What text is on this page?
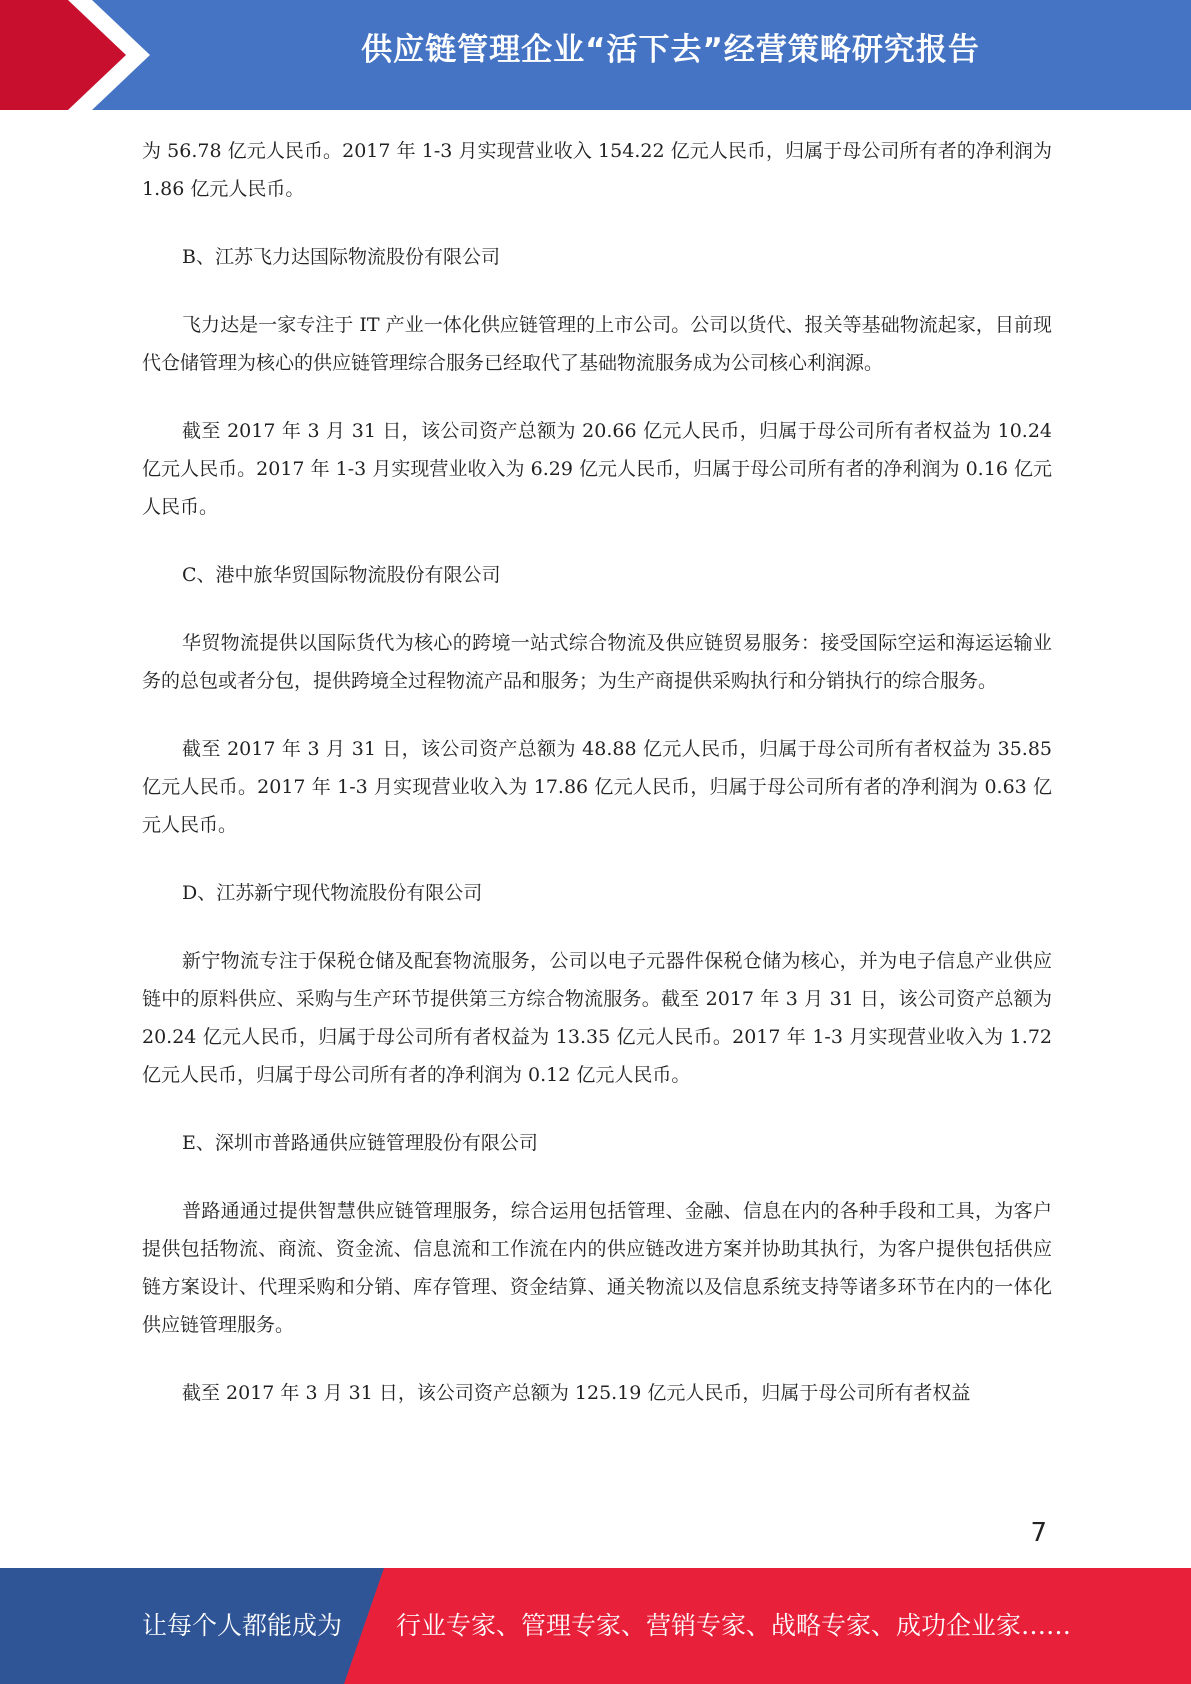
供应链管理企业“活下去”经营策略研究报告

为 56.78 亿元人民币。2017 年 1-3 月实现营业收入 154.22 亿元人民币，归属于母公司所有者的净利润为 1.86 亿元人民币。

B、江苏飞力达国际物流股份有限公司

飞力达是一家专注于 IT 产业一体化供应链管理的上市公司。公司以货代、报关等基础物流起家，目前现代仓储管理为核心的供应链管理综合服务已经取代了基础物流服务成为公司核心利润源。

截至 2017 年 3 月 31 日，该公司资产总额为 20.66 亿元人民币，归属于母公司所有者权益为 10.24 亿元人民币。2017 年 1-3 月实现营业收入为 6.29 亿元人民币，归属于母公司所有者的净利润为 0.16 亿元人民币。

C、港中旅华贸国际物流股份有限公司

华贸物流提供以国际货代为核心的跨境一站式综合物流及供应链贸易服务：接受国际空运和海运运输业务的总包或者分包，提供跨境全过程物流产品和服务；为生产商提供采购执行和分销执行的综合服务。

截至 2017 年 3 月 31 日，该公司资产总额为 48.88 亿元人民币，归属于母公司所有者权益为 35.85 亿元人民币。2017 年 1-3 月实现营业收入为 17.86 亿元人民币，归属于母公司所有者的净利润为 0.63 亿元人民币。

D、江苏新宁现代物流股份有限公司

新宁物流专注于保税仓储及配套物流服务，公司以电子元器件保税仓储为核心，并为电子信息产业供应链中的原料供应、采购与生产环节提供第三方综合物流服务。截至 2017 年 3 月 31 日，该公司资产总额为 20.24 亿元人民币，归属于母公司所有者权益为 13.35 亿元人民币。2017 年 1-3 月实现营业收入为 1.72 亿元人民币，归属于母公司所有者的净利润为 0.12 亿元人民币。

E、深圳市普路通供应链管理股份有限公司

普路通通过提供智慧供应链管理服务，综合运用包括管理、金融、信息在内的各种手段和工具，为客户提供包括物流、商流、资金流、信息流和工作流在内的供应链改进方案并协助其执行，为客户提供包括供应链方案设计、代理采购和分销、库存管理、资金结算、通关物流以及信息系统支持等诸多环节在内的一体化供应链管理服务。

截至 2017 年 3 月 31 日，该公司资产总额为 125.19 亿元人民币，归属于母公司所有者权益

7
让每个人都能成为 行业专家、管理专家、营销专家、战略专家、成功企业家……
